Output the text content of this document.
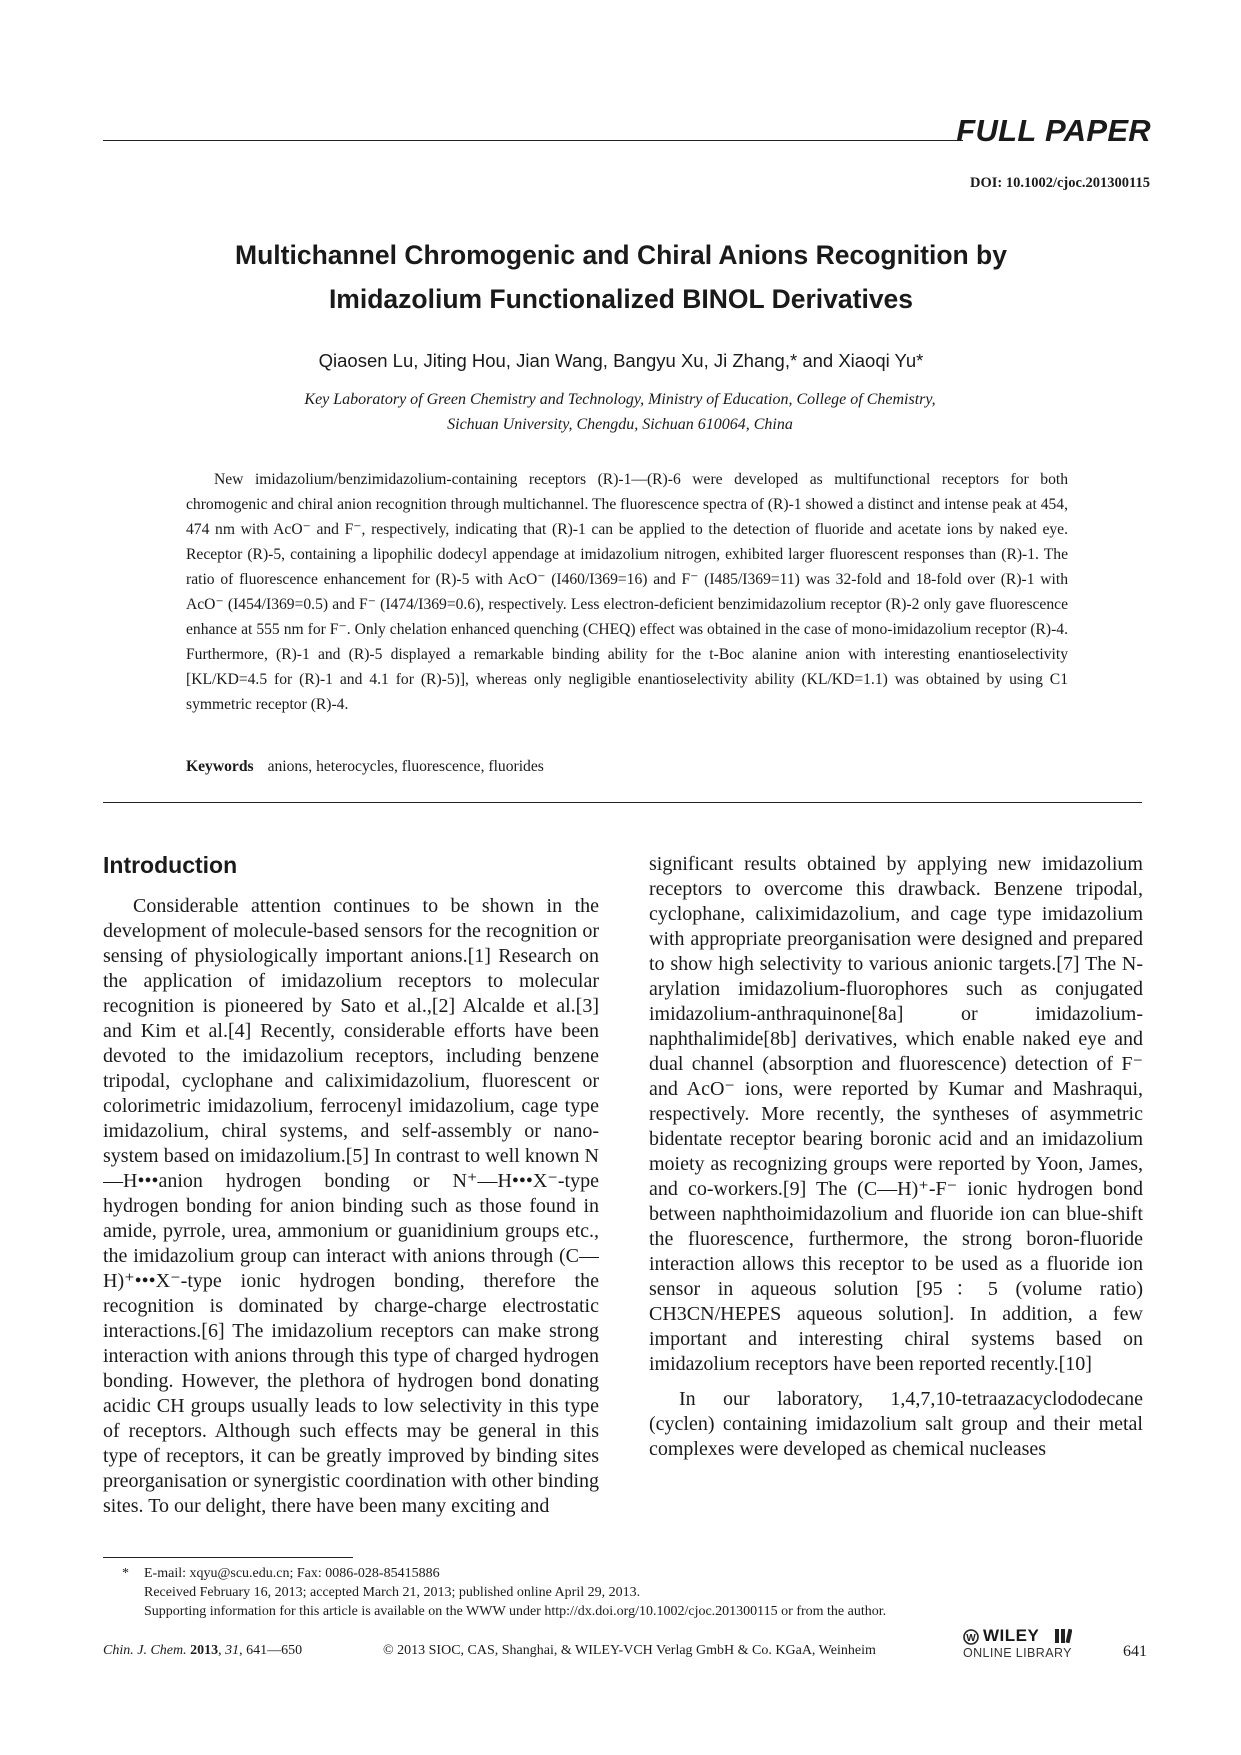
FULL PAPER
DOI: 10.1002/cjoc.201300115
Multichannel Chromogenic and Chiral Anions Recognition by
Imidazolium Functionalized BINOL Derivatives
Qiaosen Lu, Jiting Hou, Jian Wang, Bangyu Xu, Ji Zhang,* and Xiaoqi Yu*
Key Laboratory of Green Chemistry and Technology, Ministry of Education, College of Chemistry,
Sichuan University, Chengdu, Sichuan 610064, China

New imidazolium/benzimidazolium-containing receptors (R)-1—(R)-6 were developed as multifunctional receptors for both chromogenic and chiral anion recognition through multichannel. The fluorescence spectra of (R)-1 showed a distinct and intense peak at 454, 474 nm with AcO⁻ and F⁻, respectively, indicating that (R)-1 can be applied to the detection of fluoride and acetate ions by naked eye. Receptor (R)-5, containing a lipophilic dodecyl appendage at imidazolium nitrogen, exhibited larger fluorescent responses than (R)-1. The ratio of fluorescence enhancement for (R)-5 with AcO⁻ (I460/I369=16) and F⁻ (I485/I369=11) was 32-fold and 18-fold over (R)-1 with AcO⁻ (I454/I369=0.5) and F⁻ (I474/I369=0.6), respectively. Less electron-deficient benzimidazolium receptor (R)-2 only gave fluorescence enhance at 555 nm for F⁻. Only chelation enhanced quenching (CHEQ) effect was obtained in the case of mono-imidazolium receptor (R)-4. Furthermore, (R)-1 and (R)-5 displayed a remarkable binding ability for the t-Boc alanine anion with interesting enantioselectivity [KL/KD=4.5 for (R)-1 and 4.1 for (R)-5)], whereas only negligible enantioselectivity ability (KL/KD=1.1) was obtained by using C1 symmetric receptor (R)-4.

Keywords anions, heterocycles, fluorescence, fluorides
Introduction

Considerable attention continues to be shown in the development of molecule-based sensors for the recognition or sensing of physiologically important anions.[1] Research on the application of imidazolium receptors to molecular recognition is pioneered by Sato et al.,[2] Alcalde et al.[3] and Kim et al.[4] Recently, considerable efforts have been devoted to the imidazolium receptors, including benzene tripodal, cyclophane and caliximidazolium, fluorescent or colorimetric imidazolium, ferrocenyl imidazolium, cage type imidazolium, chiral systems, and self-assembly or nano-system based on imidazolium.[5] In contrast to well known N—H•••anion hydrogen bonding or N⁺—H•••X⁻-type hydrogen bonding for anion binding such as those found in amide, pyrrole, urea, ammonium or guanidinium groups etc., the imidazolium group can interact with anions through (C—H)⁺•••X⁻-type ionic hydrogen bonding, therefore the recognition is dominated by charge-charge electrostatic interactions.[6] The imidazolium receptors can make strong interaction with anions through this type of charged hydrogen bonding. However, the plethora of hydrogen bond donating acidic CH groups usually leads to low selectivity in this type of receptors. Although such effects may be general in this type of receptors, it can be greatly improved by binding sites preorganisation or synergistic coordination with other binding sites. To our delight, there have been many exciting and

significant results obtained by applying new imidazolium receptors to overcome this drawback. Benzene tripodal, cyclophane, caliximidazolium, and cage type imidazolium with appropriate preorganisation were designed and prepared to show high selectivity to various anionic targets.[7] The N-arylation imidazolium-fluorophores such as conjugated imidazolium-anthraquinone[8a] or imidazolium-naphthalimide[8b] derivatives, which enable naked eye and dual channel (absorption and fluorescence) detection of F⁻ and AcO⁻ ions, were reported by Kumar and Mashraqui, respectively. More recently, the syntheses of asymmetric bidentate receptor bearing boronic acid and an imidazolium moiety as recognizing groups were reported by Yoon, James, and co-workers.[9] The (C—H)⁺-F⁻ ionic hydrogen bond between naphthoimidazolium and fluoride ion can blue-shift the fluorescence, furthermore, the strong boron-fluoride interaction allows this receptor to be used as a fluoride ion sensor in aqueous solution [95：5 (volume ratio) CH3CN/HEPES aqueous solution]. In addition, a few important and interesting chiral systems based on imidazolium receptors have been reported recently.[10]

In our laboratory, 1,4,7,10-tetraazacyclododecane (cyclen) containing imidazolium salt group and their metal complexes were developed as chemical nucleases

* E-mail: xqyu@scu.edu.cn; Fax: 0086-028-85415886
Received February 16, 2013; accepted March 21, 2013; published online April 29, 2013.
Supporting information for this article is available on the WWW under http://dx.doi.org/10.1002/cjoc.201300115 or from the author.
Chin. J. Chem. 2013, 31, 641—650	© 2013 SIOC, CAS, Shanghai, & WILEY-VCH Verlag GmbH & Co. KGaA, Weinheim
W WILEY
ONLINE LIBRARY	641
